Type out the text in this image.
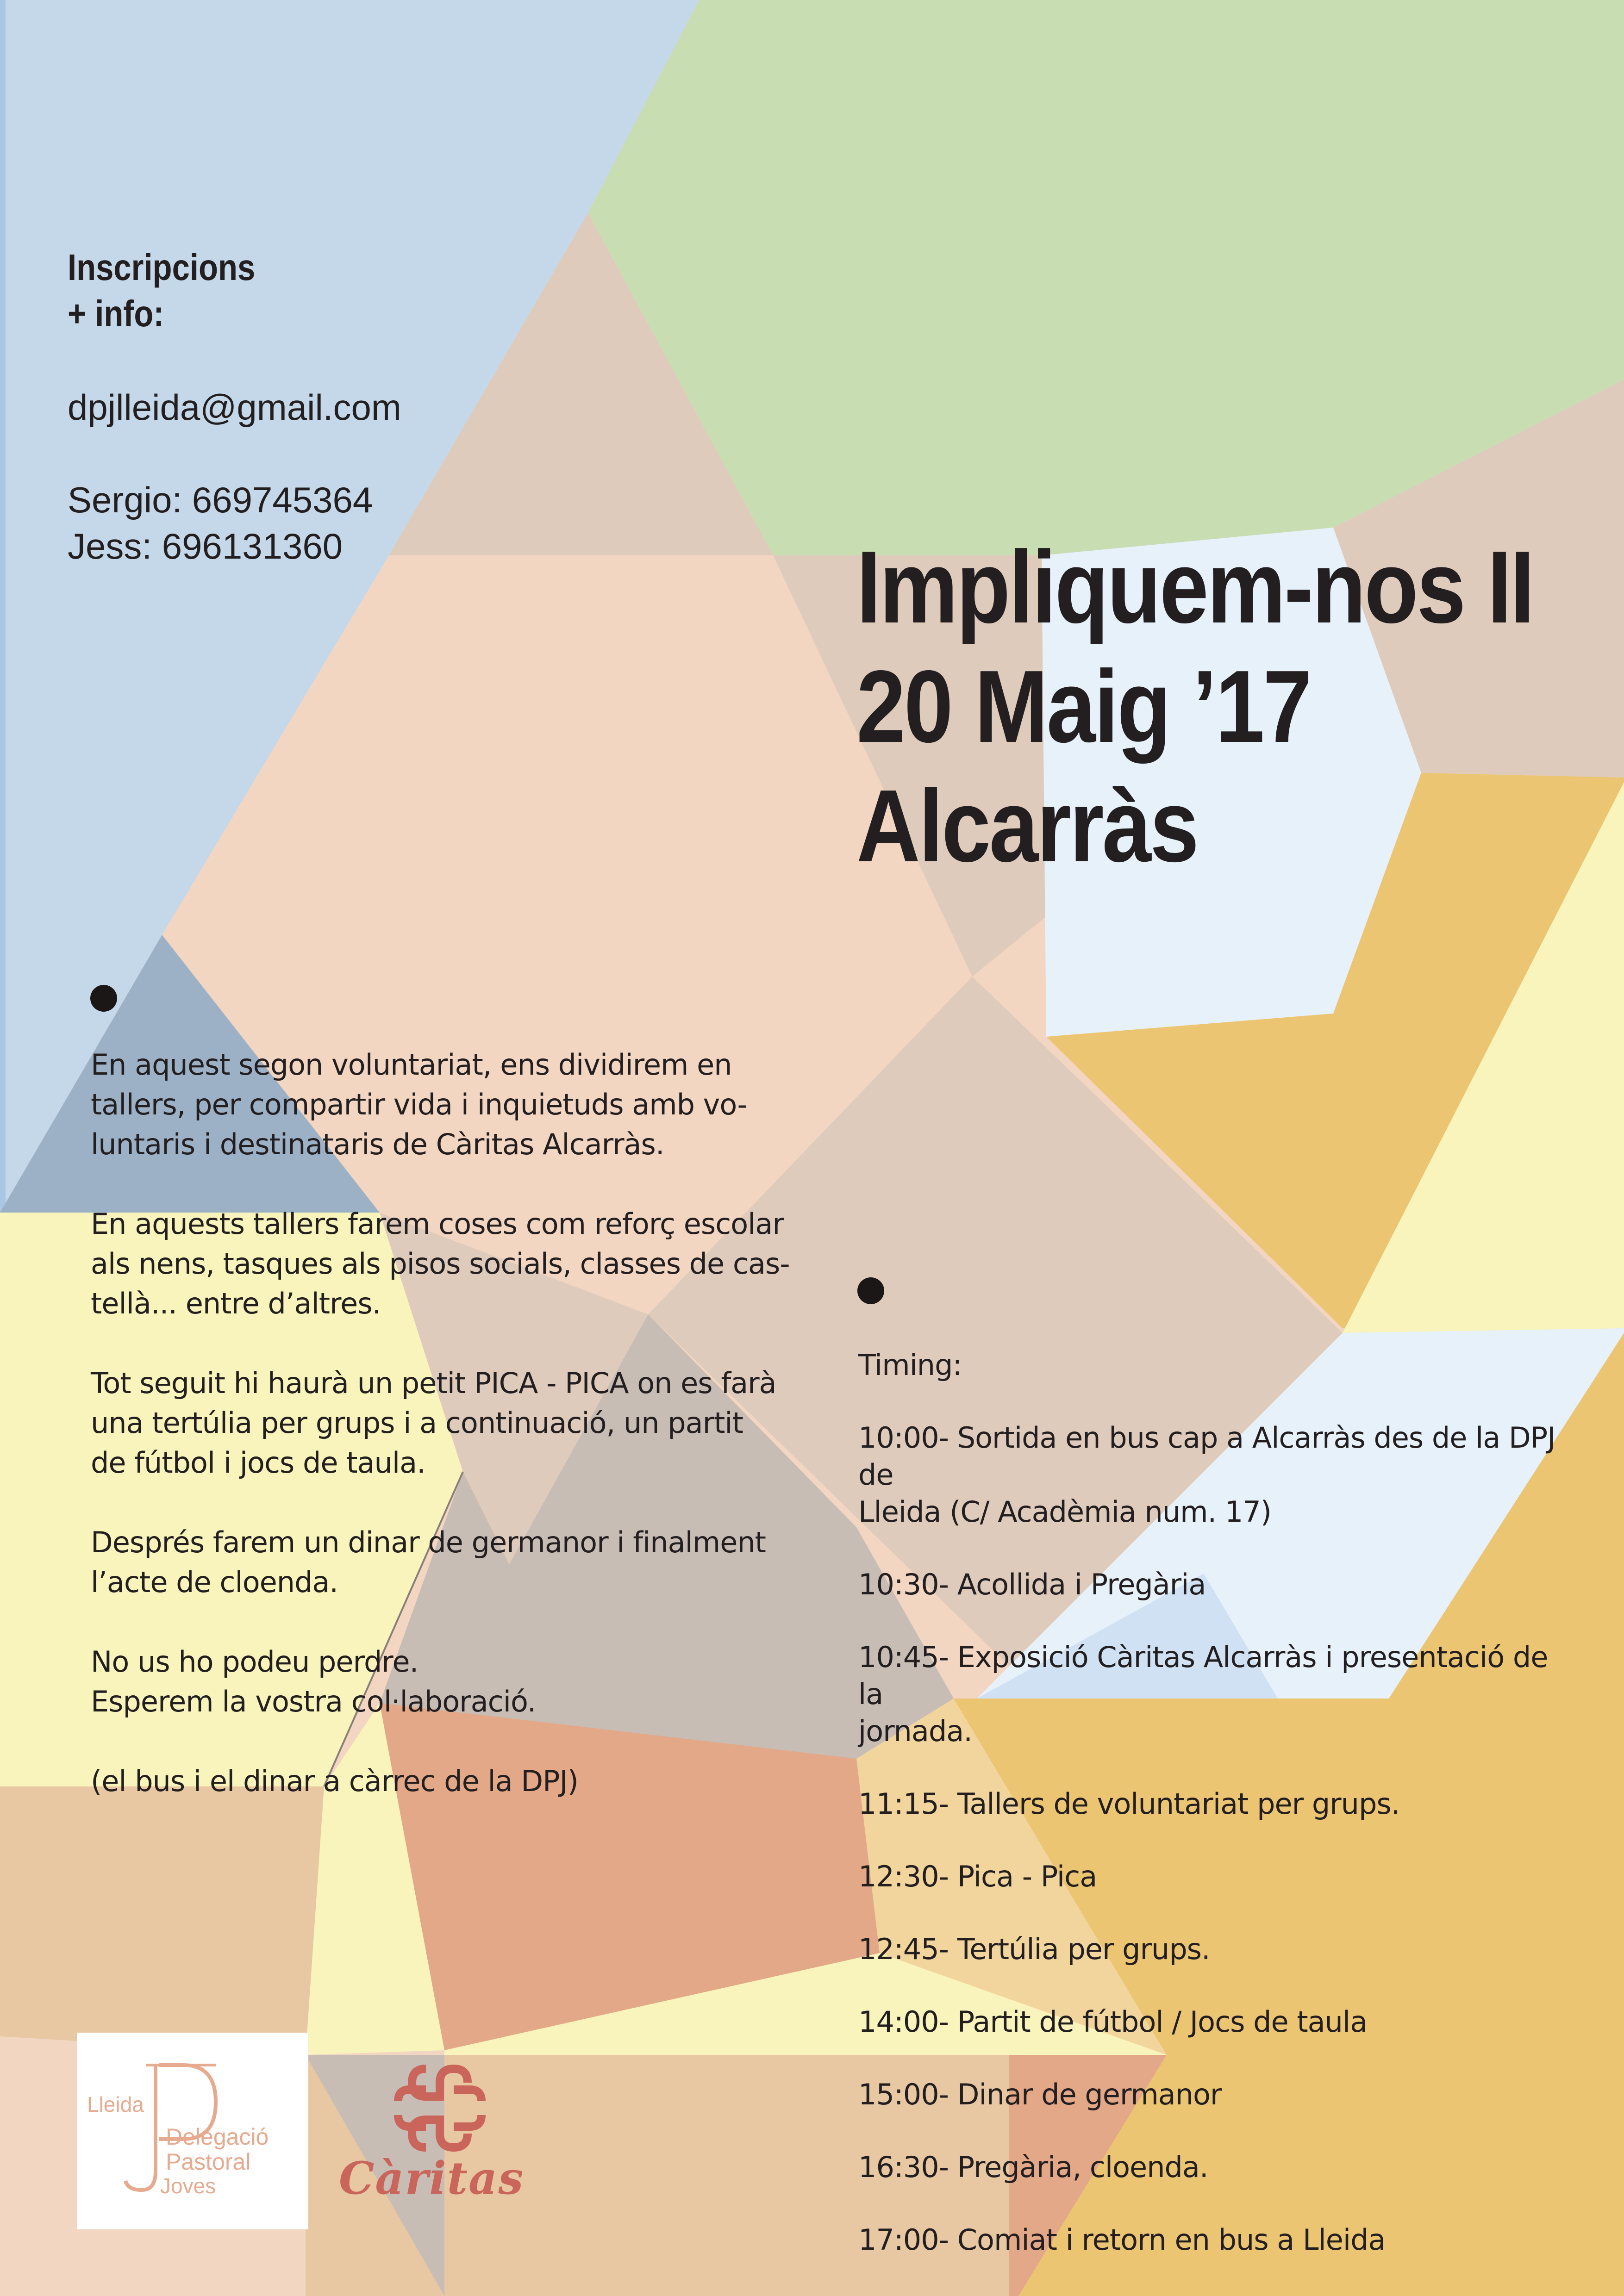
Inscripcions
+ info:
dpjlleida@gmail.com
Sergio: 669745364
Jess: 696131360	Impliquem-nos II
20 Maig ’17
Alcarràs

En aquest segon voluntariat, ens dividirem en
tallers, per compartir vida i inquietuds amb vo-
luntaris i destinataris de Càritas Alcarràs.

En aquests tallers farem coses com reforç escolar
als nens, tasques als pisos socials, classes de cas-
tellà... entre d’altres.

Tot seguit hi haurà un petit PICA - PICA on es farà
una tertúlia per grups i a continuació, un partit
de fútbol i jocs de taula.

Després farem un dinar de germanor i finalment
l’acte de cloenda.

No us ho podeu perdre.
Esperem la vostra col·laboració.

(el bus i el dinar a càrrec de la DPJ)

Timing:
10:00- Sortida en bus cap a Alcarràs des de la DPJ de
Lleida (C/ Acadèmia num. 17)
10:30- Acollida i Pregària
10:45- Exposició Càritas Alcarràs i presentació de la
jornada.
11:15- Tallers de voluntariat per grups.
12:30- Pica - Pica
12:45- Tertúlia per grups.
14:00- Partit de fútbol / Jocs de taula
15:00- Dinar de germanor
16:30- Pregària, cloenda.
17:00- Comiat i retorn en bus a Lleida
Lleida
Delegació
Pastoral
Joves	Càritas
